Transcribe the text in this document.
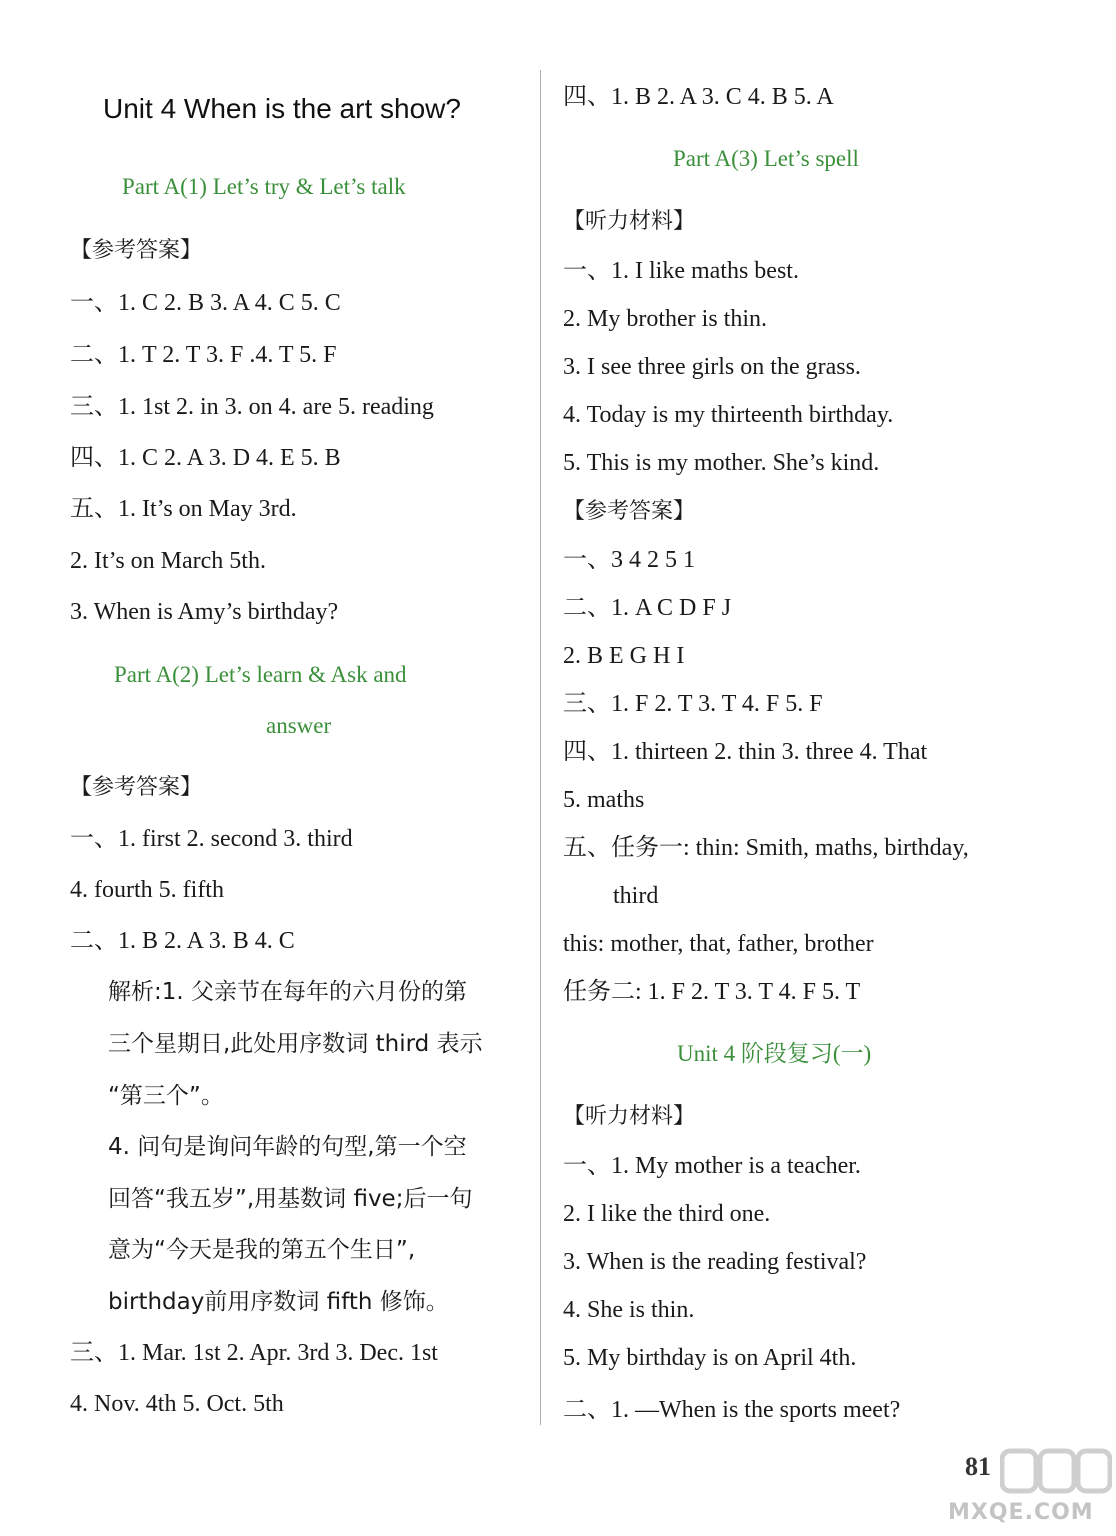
Unit 4 When is the art show?
Part A(1) Let’s try & Let’s talk
【参考答案】
一、1. C 2. B 3. A 4. C 5. C
二、1. T 2. T 3. F .4. T 5. F
三、1. 1st 2. in 3. on 4. are 5. reading
四、1. C 2. A 3. D 4. E 5. B
五、1. It’s on May 3rd.
2. It’s on March 5th.
3. When is Amy’s birthday?
Part A(2) Let’s learn & Ask and
answer
【参考答案】
一、1. first 2. second 3. third
4. fourth 5. fifth
二、1. B 2. A 3. B 4. C
解析:1. 父亲节在每年的六月份的第
三个星期日,此处用序数词 third 表示
“第三个”。
4. 问句是询问年龄的句型,第一个空
回答“我五岁”,用基数词 five;后一句
意为“今天是我的第五个生日”,
birthday前用序数词 fifth 修饰。
三、1. Mar. 1st 2. Apr. 3rd 3. Dec. 1st
4. Nov. 4th 5. Oct. 5th
四、1. B 2. A 3. C 4. B 5. A
Part A(3) Let’s spell
【听力材料】
一、1. I like maths best.
2. My brother is thin.
3. I see three girls on the grass.
4. Today is my thirteenth birthday.
5. This is my mother. She’s kind.
【参考答案】
一、3 4 2 5 1
二、1. A C D F J
2. B E G H I
三、1. F 2. T 3. T 4. F 5. F
四、1. thirteen 2. thin 3. three 4. That
5. maths
五、任务一: thin: Smith, maths, birthday,
third
this: mother, that, father, brother
任务二: 1. F 2. T 3. T 4. F 5. T
Unit 4 阶段复习(一)
【听力材料】
一、1. My mother is a teacher.
2. I like the third one.
3. When is the reading festival?
4. She is thin.
5. My birthday is on April 4th.
二、1. —When is the sports meet?
81
MXQE.COM
